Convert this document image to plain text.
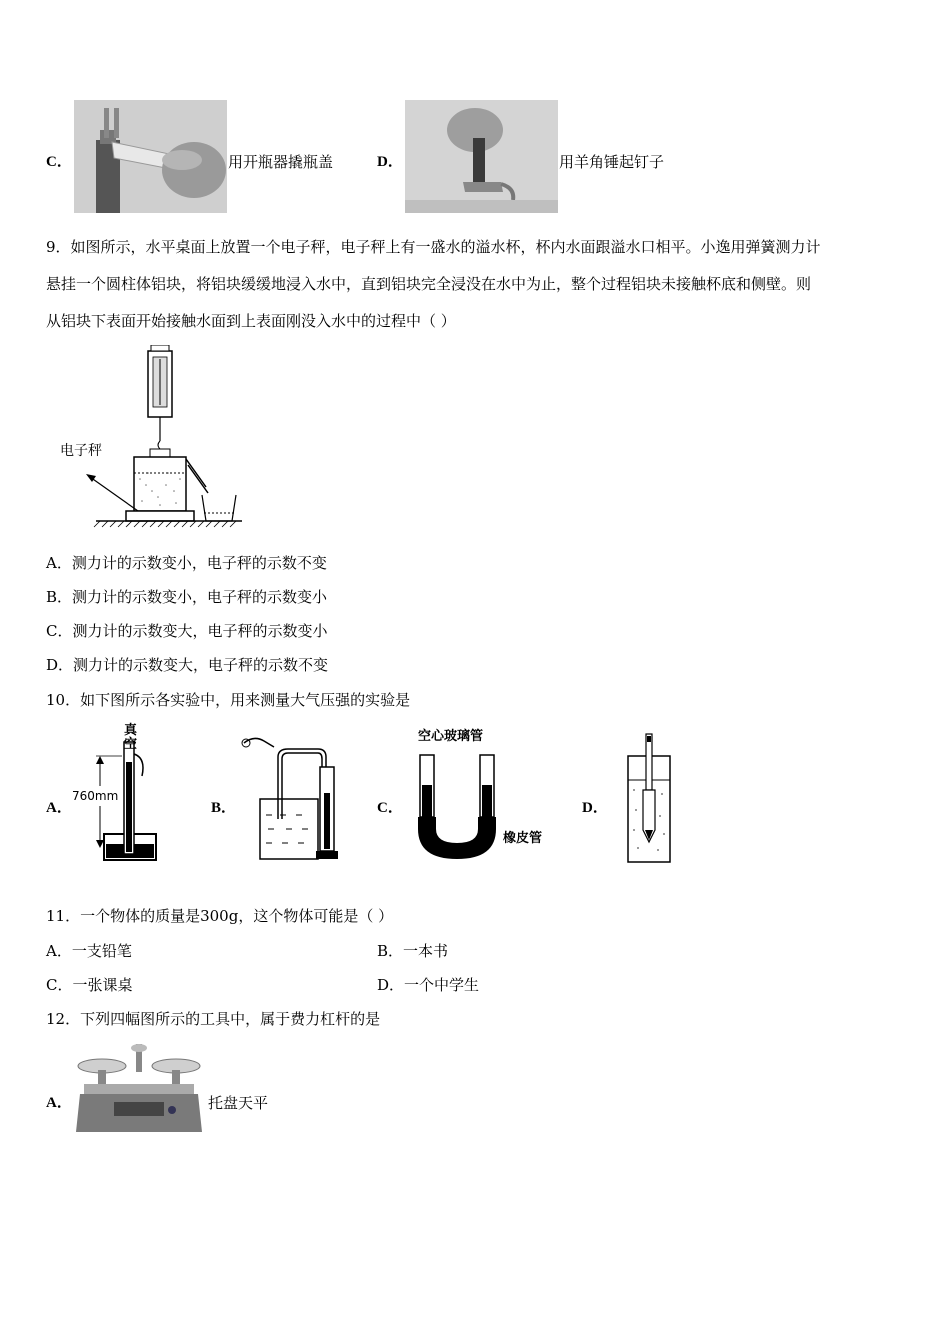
C．	用开瓶器撬瓶盖	D．	用羊角锤起钉子
9．如图所示，水平桌面上放置一个电子秤，电子秤上有一盛水的溢水杯，杯内水面跟溢水口相平。小逸用弹簧测力计
悬挂一个圆柱体铝块，将铝块缓缓地浸入水中，直到铝块完全浸没在水中为止，整个过程铝块未接触杯底和侧壁。则
从铝块下表面开始接触水面到上表面刚没入水中的过程中（ ）
电子秤
A．测力计的示数变小，电子秤的示数不变
B．测力计的示数变小，电子秤的示数变小
C．测力计的示数变大，电子秤的示数变小
D．测力计的示数变大，电子秤的示数不变
10．如下图所示各实验中，用来测量大气压强的实验是
A．
真空
760mm
B．	C．
空心玻璃管
橡皮管
D．
11．一个物体的质量是300g，这个物体可能是（ ）
A．一支铅笔	B．一本书
C．一张课桌	D．一个中学生
12．下列四幅图所示的工具中，属于费力杠杆的是
A．	托盘天平
